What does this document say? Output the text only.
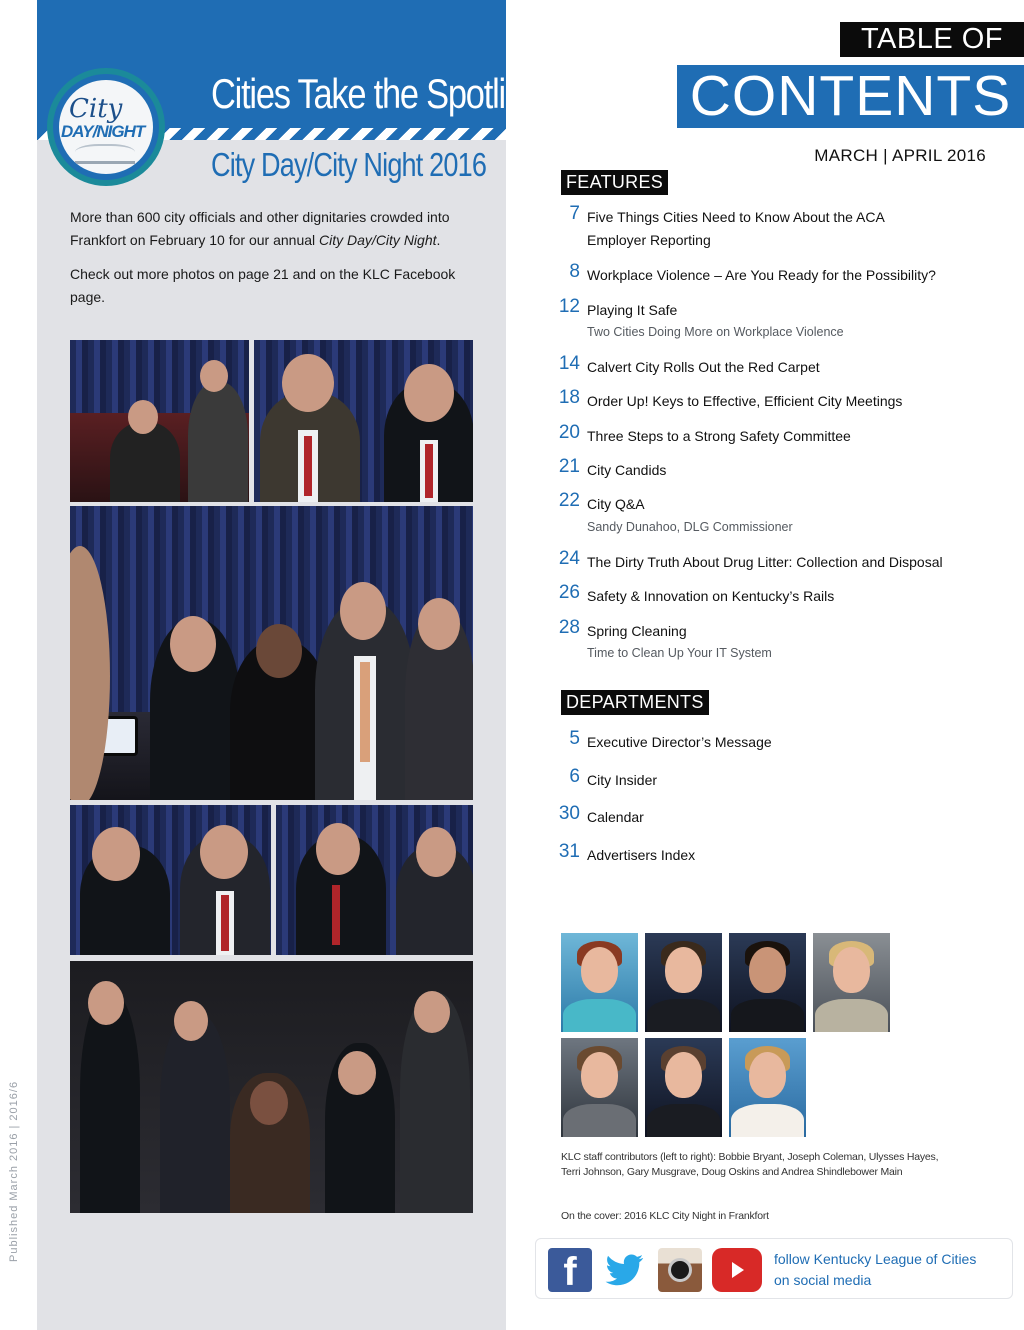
Published March 2016 | 2016/6
City
DAY/NIGHT
Cities Take the Spotlight
City Day/City Night 2016

More than 600 city officials and other dignitaries crowded into Frankfort on February 10 for our annual City Day/City Night.

Check out more photos on page 21 and on the KLC Facebook page.

TABLE OF
CONTENTS
MARCH | APRIL 2016
FEATURES
7 Five Things Cities Need to Know About the ACA Employer Reporting
8 Workplace Violence – Are You Ready for the Possibility?
12 Playing It Safe
Two Cities Doing More on Workplace Violence
14 Calvert City Rolls Out the Red Carpet
18 Order Up! Keys to Effective, Efficient City Meetings
20 Three Steps to a Strong Safety Committee
21 City Candids
22 City Q&A
Sandy Dunahoo, DLG Commissioner
24 The Dirty Truth About Drug Litter: Collection and Disposal
26 Safety & Innovation on Kentucky’s Rails
28 Spring Cleaning
Time to Clean Up Your IT System
DEPARTMENTS
5 Executive Director’s Message
6 City Insider
30 Calendar
31 Advertisers Index
KLC staff contributors (left to right): Bobbie Bryant, Joseph Coleman, Ulysses Hayes,
Terri Johnson, Gary Musgrave, Doug Oskins and Andrea Shindlebower Main
On the cover: 2016 KLC City Night in Frankfort
f	follow Kentucky League of Cities
on social media
